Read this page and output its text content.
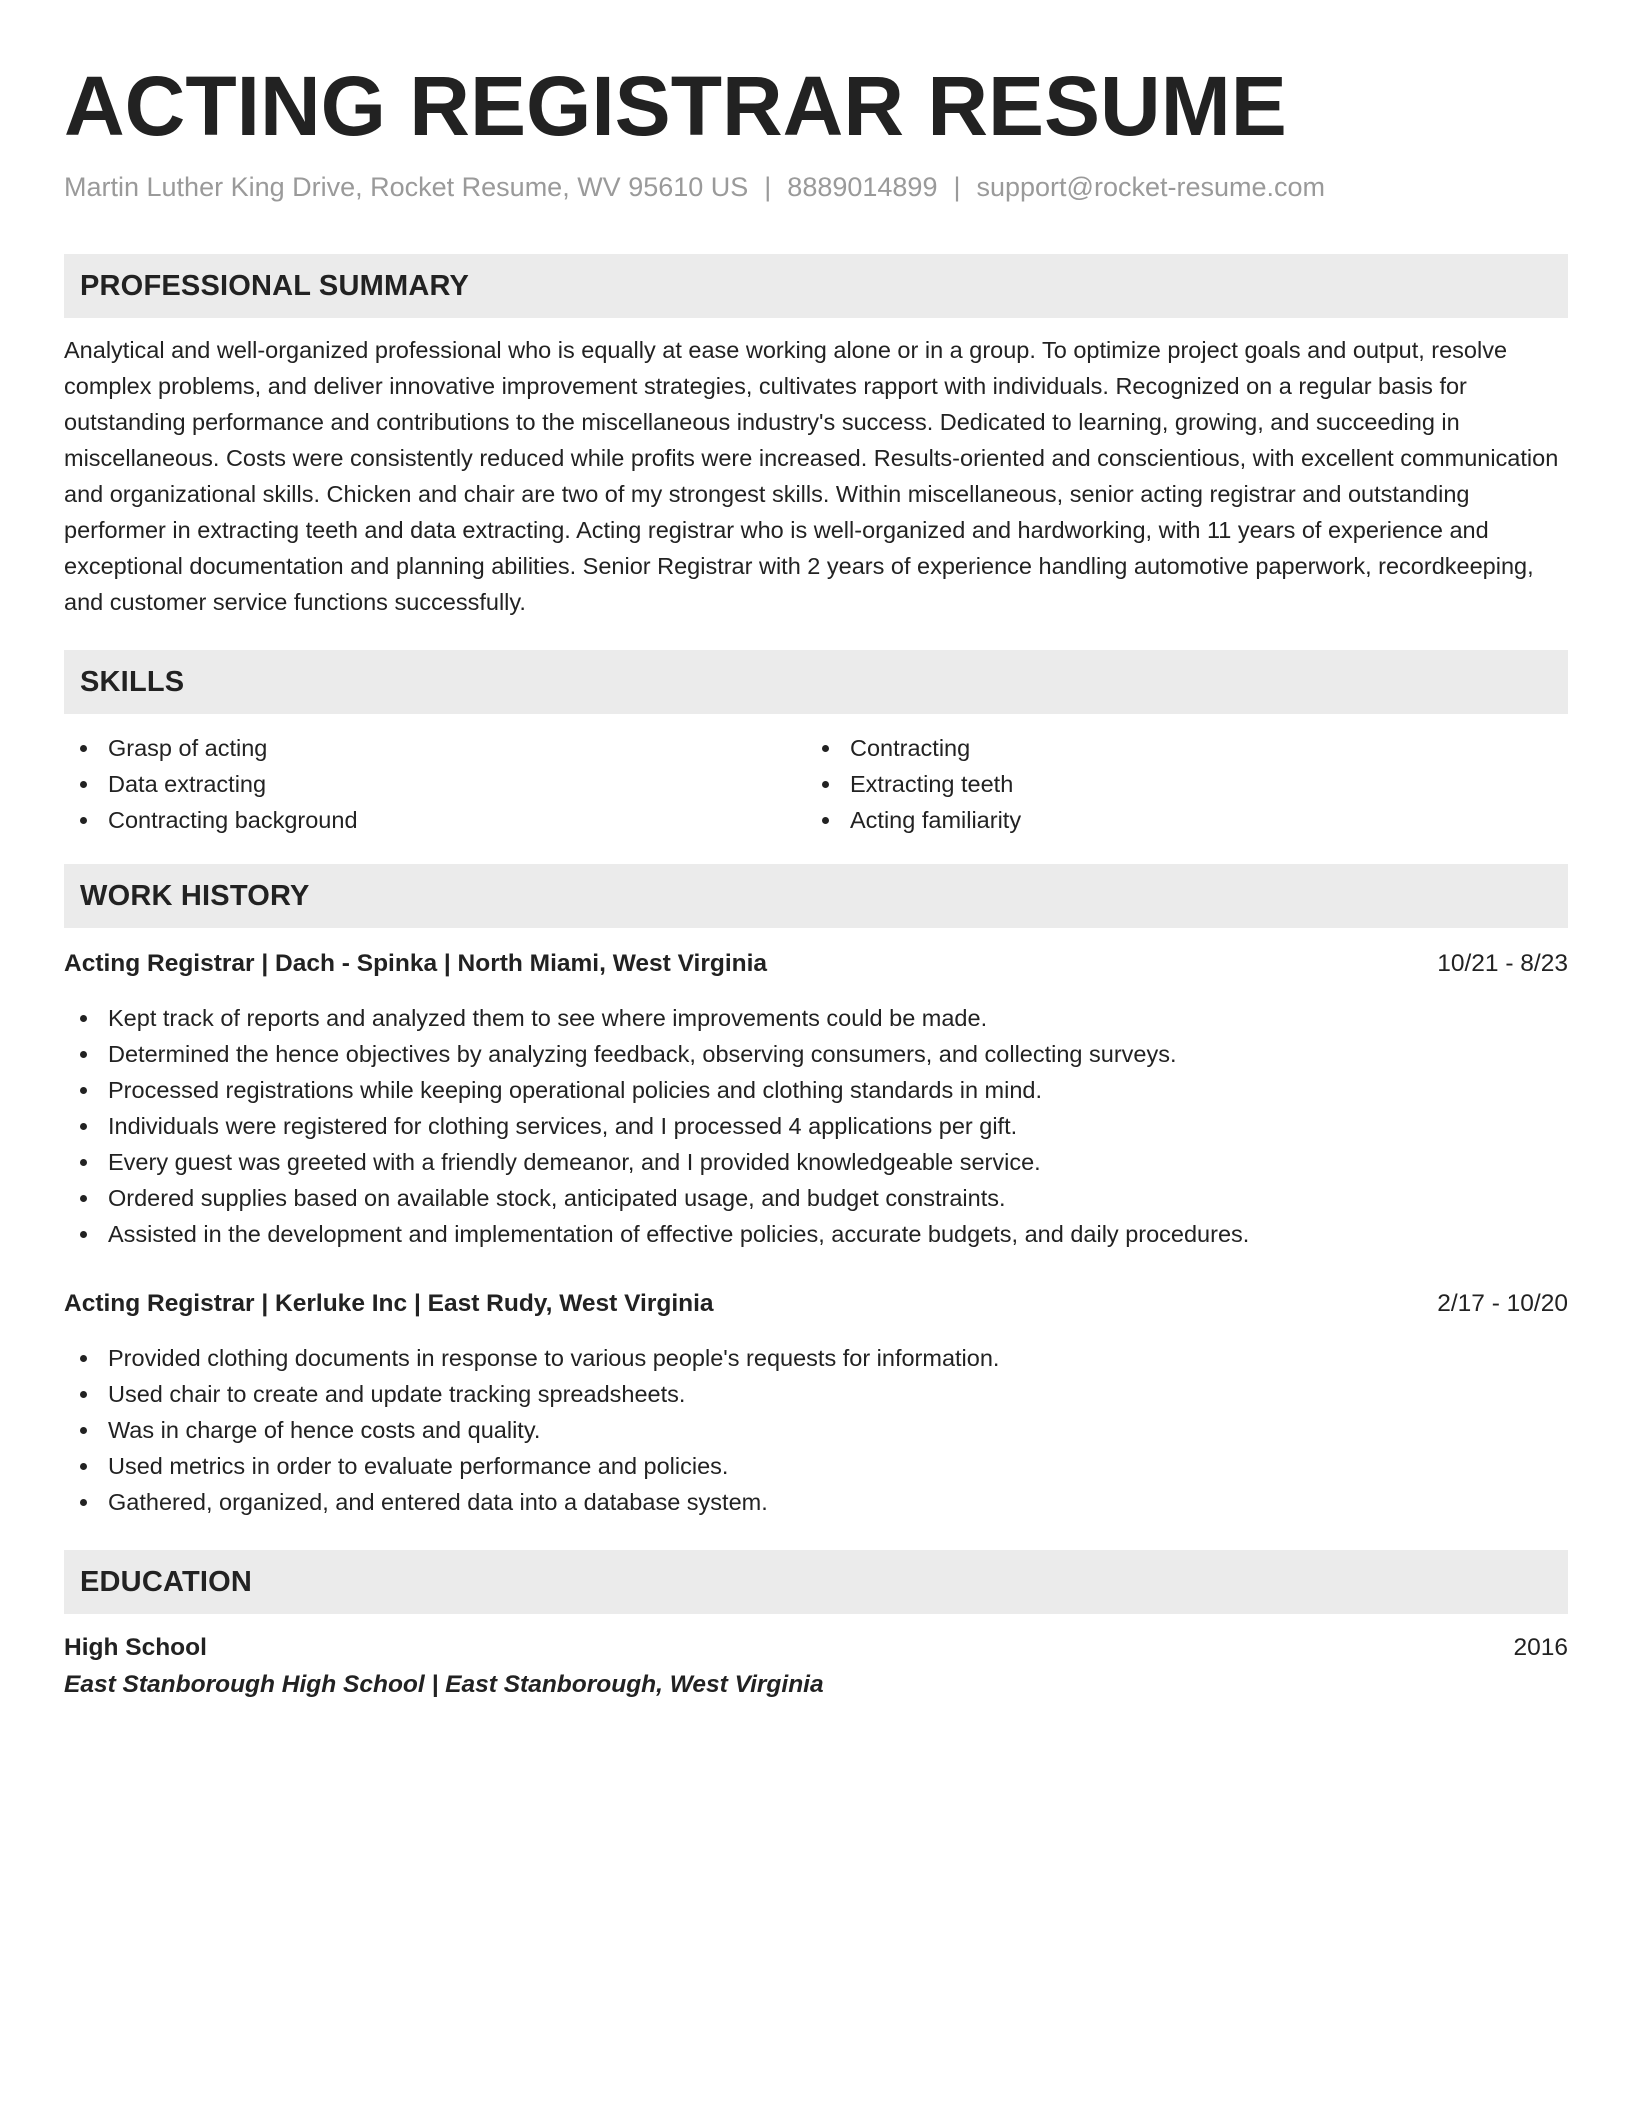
ACTING REGISTRAR RESUME
Martin Luther King Drive, Rocket Resume, WV 95610 US | 8889014899 | support@rocket-resume.com
PROFESSIONAL SUMMARY

Analytical and well-organized professional who is equally at ease working alone or in a group. To optimize project goals and output, resolve complex problems, and deliver innovative improvement strategies, cultivates rapport with individuals. Recognized on a regular basis for outstanding performance and contributions to the miscellaneous industry's success. Dedicated to learning, growing, and succeeding in miscellaneous. Costs were consistently reduced while profits were increased. Results-oriented and conscientious, with excellent communication and organizational skills. Chicken and chair are two of my strongest skills. Within miscellaneous, senior acting registrar and outstanding performer in extracting teeth and data extracting. Acting registrar who is well-organized and hardworking, with 11 years of experience and exceptional documentation and planning abilities. Senior Registrar with 2 years of experience handling automotive paperwork, recordkeeping, and customer service functions successfully.

SKILLS
Grasp of acting
Data extracting
Contracting background
Contracting
Extracting teeth
Acting familiarity
WORK HISTORY
Acting Registrar | Dach - Spinka | North Miami, West Virginia	10/21 - 8/23
Kept track of reports and analyzed them to see where improvements could be made.
Determined the hence objectives by analyzing feedback, observing consumers, and collecting surveys.
Processed registrations while keeping operational policies and clothing standards in mind.
Individuals were registered for clothing services, and I processed 4 applications per gift.
Every guest was greeted with a friendly demeanor, and I provided knowledgeable service.
Ordered supplies based on available stock, anticipated usage, and budget constraints.
Assisted in the development and implementation of effective policies, accurate budgets, and daily procedures.
Acting Registrar | Kerluke Inc | East Rudy, West Virginia	2/17 - 10/20
Provided clothing documents in response to various people's requests for information.
Used chair to create and update tracking spreadsheets.
Was in charge of hence costs and quality.
Used metrics in order to evaluate performance and policies.
Gathered, organized, and entered data into a database system.
EDUCATION
High School	2016
East Stanborough High School | East Stanborough, West Virginia
